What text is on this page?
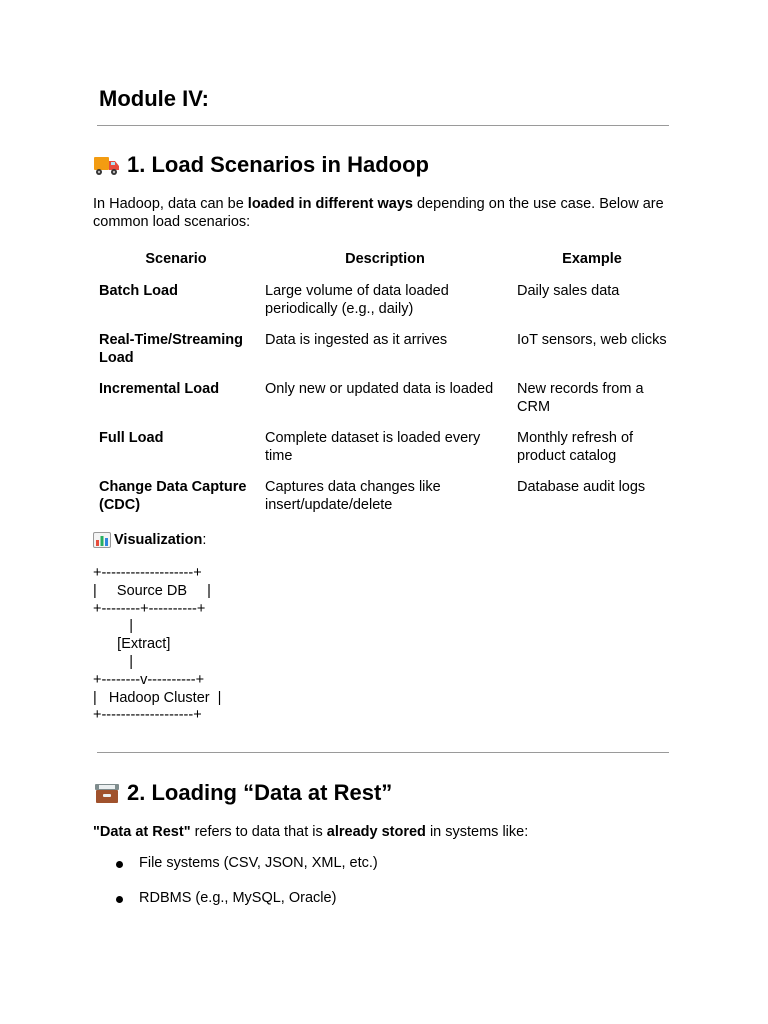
Module IV:
1. Load Scenarios in Hadoop

In Hadoop, data can be loaded in different ways depending on the use case. Below are common load scenarios:

Scenario	Description	Example
Batch Load	Large volume of data loaded periodically (e.g., daily)	Daily sales data
Real-Time/Streaming Load	Data is ingested as it arrives	IoT sensors, web clicks
Incremental Load	Only new or updated data is loaded	New records from a CRM
Full Load	Complete dataset is loaded every time	Monthly refresh of product catalog
Change Data Capture (CDC)	Captures data changes like insert/update/delete	Database audit logs

Visualization :

+-------------------+
|     Source DB     |
+--------+----------+
|
[Extract]
|
+--------v----------+
|   Hadoop Cluster  |
+-------------------+
2. Loading “Data at Rest”

"Data at Rest" refers to data that is already stored in systems like:

File systems (CSV, JSON, XML, etc.)
RDBMS (e.g., MySQL, Oracle)
